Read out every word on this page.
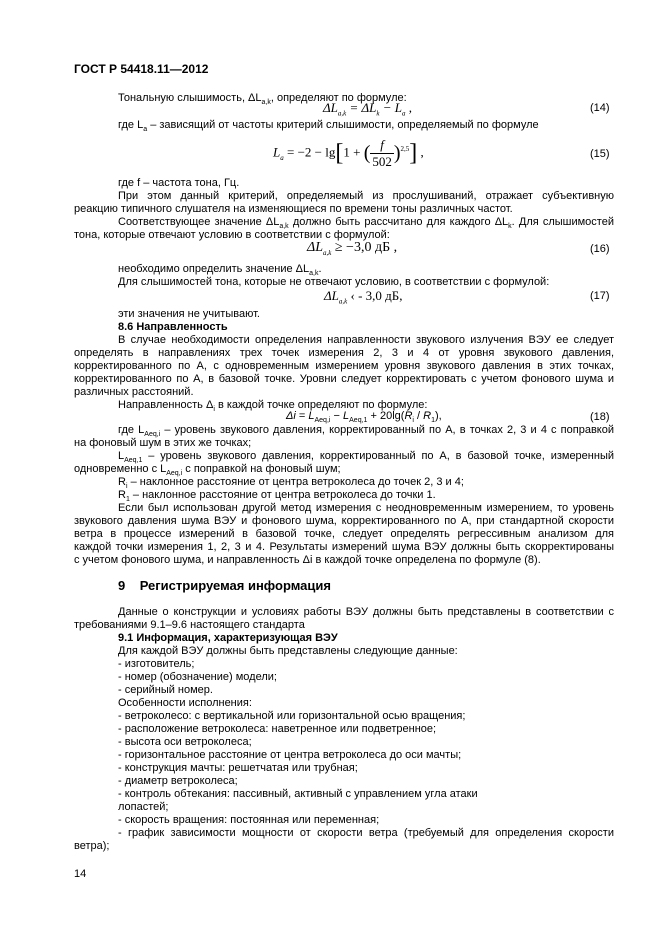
ГОСТ Р 54418.11—2012
Тональную слышимость, $\Delta L_{a,k}$, определяют по формуле:
$\Delta L_{a,k} = \Delta L_k - L_a$ ,	(14)
где $L_a$ – зависящий от частоты критерий слышимости, определяемый по формуле
$L_a = -2 - \lg[1$ + ( $\frac{f}{502} )^{2,5}$] ,	(15)
где f – частота тона, Гц.
При этом данный критерий, определяемый из прослушиваний, отражает субъективную
реакцию типичного слушателя на изменяющиеся по времени тоны различных частот.
Соответствующее значение $\Delta L_{a,k}$ должно быть рассчитано для каждого $\Delta L_k$. Для слышимостей
тона, которые отвечают условию в соответствии с формулой:
$\Delta L_{a,k} \ge -3,0$ дБ ,	(16)
необходимо определить значение $\Delta L_{a,k}$.
Для слышимостей тона, которые не отвечают условию, в соответствии с формулой:
$\Delta L_{a,k}$ ‹ - 3,0 дБ,	(17)
эти значения не учитывают.
8.6 Направленность
В случае необходимости определения направленности звукового излучения ВЭУ ее следует
определять в направлениях трех точек измерения 2, 3 и 4 от уровня звукового давления,
корректированного по А, с одновременным измерением уровня звукового давления в этих точках,
корректированного по А, в базовой точке. Уровни следует корректировать с учетом фонового шума и
различных расстояний.
Направленность $\Delta_i$ в каждой точке определяют по формуле:
$\Delta i = L_{Aeq,i} - L_{Aeq,1} + 20\lg(R_i / R_1)$,	(18)
где $L_{Aeq,i}$ – уровень звукового давления, корректированный по А, в точках 2, 3 и 4 с поправкой
на фоновый шум в этих же точках;
$L_{Aeq,1}$ – уровень звукового давления, корректированный по А, в базовой точке, измеренный
одновременно с $L_{Aeq,i}$ с поправкой на фоновый шум;
$R_i$ – наклонное расстояние от центра ветроколеса до точек 2, 3 и 4;
$R_1$ – наклонное расстояние от центра ветроколеса до точки 1.
Если был использован другой метод измерения с неодновременным измерением, то уровень
звукового давления шума ВЭУ и фонового шума, корректированного по А, при стандартной скорости
ветра в процессе измерений в базовой точке, следует определять регрессивным анализом для
каждой точки измерения 1, 2, 3 и 4. Результаты измерений шума ВЭУ должны быть скорректированы
с учетом фонового шума, и направленность Δi в каждой точке определена по формуле (8).
9 Регистрируемая информация
Данные о конструкции и условиях работы ВЭУ должны быть представлены в соответствии с
требованиями 9.1–9.6 настоящего стандарта
9.1 Информация, характеризующая ВЭУ
Для каждой ВЭУ должны быть представлены следующие данные:
- изготовитель;
- номер (обозначение) модели;
- серийный номер.
Особенности исполнения:
- ветроколесо: с вертикальной или горизонтальной осью вращения;
- расположение ветроколеса: наветренное или подветренное;
- высота оси ветроколеса;
- горизонтальное расстояние от центра ветроколеса до оси мачты;
- конструкция мачты: решетчатая или трубная;
- диаметр ветроколеса;
- контроль обтекания: пассивный, активный с управлением угла атаки
лопастей;
- скорость вращения: постоянная или переменная;
- график зависимости мощности от скорости ветра (требуемый для определения скорости
ветра);
14
